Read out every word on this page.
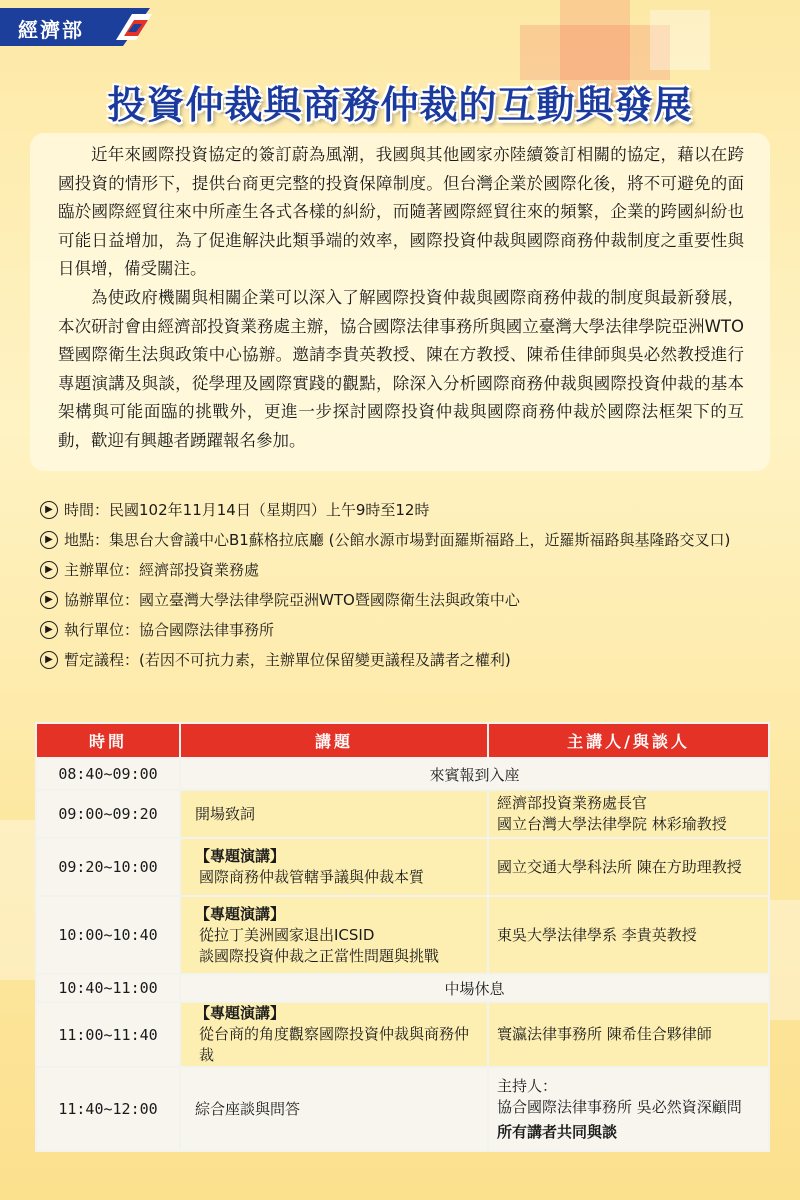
經濟部
投資仲裁與商務仲裁的互動與發展

近年來國際投資協定的簽訂蔚為風潮，我國與其他國家亦陸續簽訂相關的協定，藉以在跨國投資的情形下，提供台商更完整的投資保障制度。但台灣企業於國際化後，將不可避免的面臨於國際經貿往來中所產生各式各樣的糾紛，而隨著國際經貿往來的頻繁，企業的跨國糾紛也可能日益增加，為了促進解決此類爭端的效率，國際投資仲裁與國際商務仲裁制度之重要性與日俱增，備受關注。

為使政府機關與相關企業可以深入了解國際投資仲裁與國際商務仲裁的制度與最新發展，本次研討會由經濟部投資業務處主辦，協合國際法律事務所與國立臺灣大學法律學院亞洲WTO暨國際衛生法與政策中心協辦。邀請李貴英教授、陳在方教授、陳希佳律師與吳必然教授進行專題演講及與談，從學理及國際實踐的觀點，除深入分析國際商務仲裁與國際投資仲裁的基本架構與可能面臨的挑戰外，更進一步探討國際投資仲裁與國際商務仲裁於國際法框架下的互動，歡迎有興趣者踴躍報名參加。

▶ 時間： 民國102年11月14日（星期四）上午9時至12時
▶ 地點： 集思台大會議中心B1蘇格拉底廳 (公館水源市場對面羅斯福路上，近羅斯福路與基隆路交叉口)
▶ 主辦單位： 經濟部投資業務處
▶ 協辦單位： 國立臺灣大學法律學院亞洲WTO暨國際衛生法與政策中心
▶ 執行單位： 協合國際法律事務所
▶ 暫定議程： (若因不可抗力素，主辦單位保留變更議程及講者之權利)
時間	講題	主講人/與談人
08:40~09:00	來賓報到入座	
09:00~09:20	開場致詞	經濟部投資業務處長官
國立台灣大學法律學院 林彩瑜教授

09:20~10:00	【專題演講】
國際商務仲裁管轄爭議與仲裁本質	國立交通大學科法所 陳在方助理教授

10:00~10:40	【專題演講】
從拉丁美洲國家退出ICSID
談國際投資仲裁之正當性問題與挑戰	東吳大學法律學系 李貴英教授

10:40~11:00	中場休息	
11:00~11:40	【專題演講】
從台商的角度觀察國際投資仲裁與商務仲裁	寰瀛法律事務所 陳希佳合夥律師

11:40~12:00	綜合座談與問答	主持人：
協合國際法律事務所 吳必然資深顧問
所有講者共同與談
